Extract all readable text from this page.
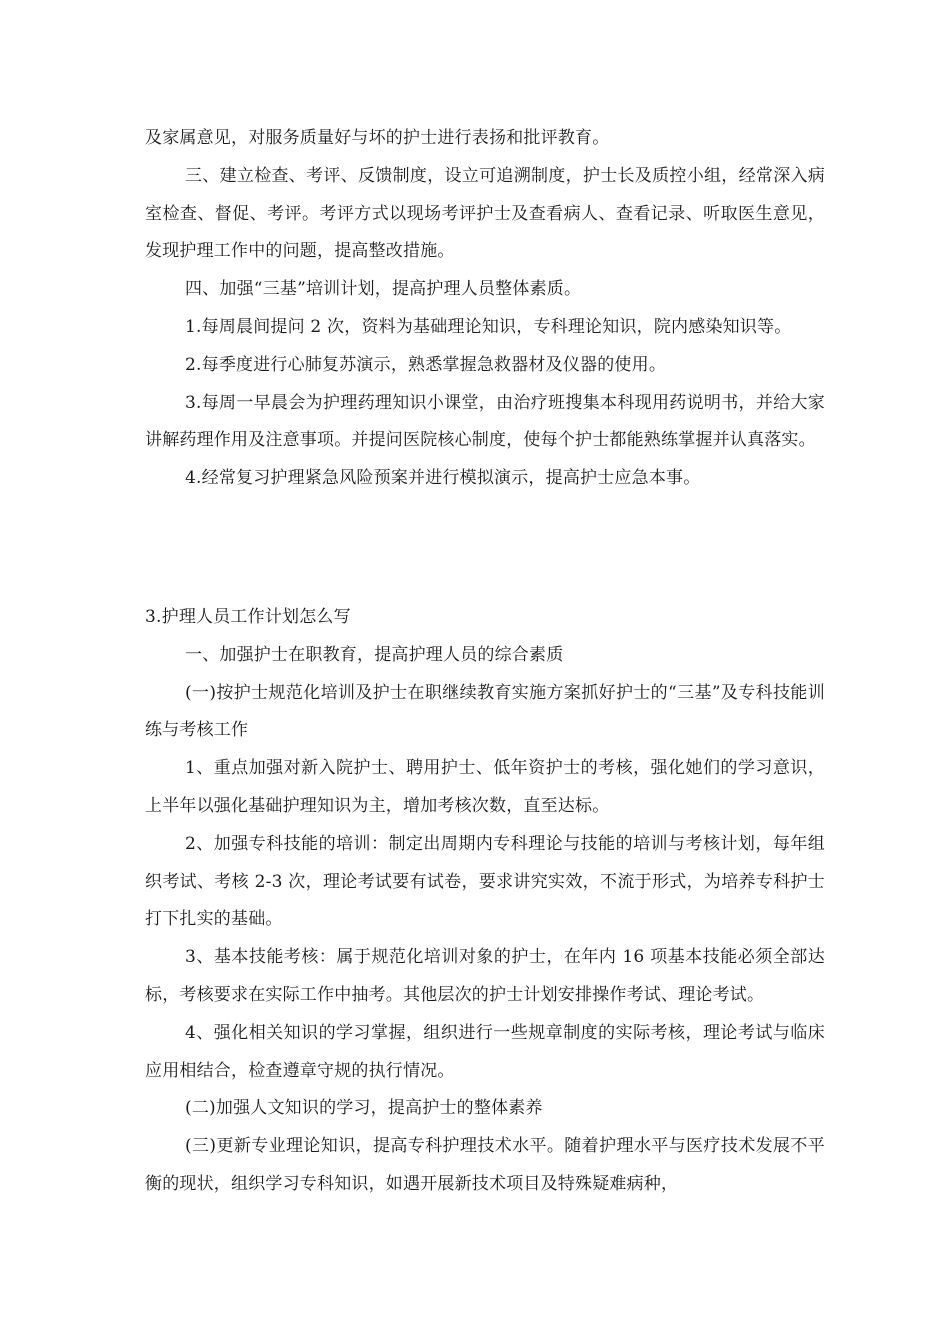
及家属意见，对服务质量好与坏的护士进行表扬和批评教育。

三、建立检查、考评、反馈制度，设立可追溯制度，护士长及质控小组，经常深入病室检查、督促、考评。考评方式以现场考评护士及查看病人、查看记录、听取医生意见，发现护理工作中的问题，提高整改措施。

四、加强“三基”培训计划，提高护理人员整体素质。

1.每周晨间提问 2 次，资料为基础理论知识，专科理论知识，院内感染知识等。

2.每季度进行心肺复苏演示，熟悉掌握急救器材及仪器的使用。

3.每周一早晨会为护理药理知识小课堂，由治疗班搜集本科现用药说明书，并给大家讲解药理作用及注意事项。并提问医院核心制度，使每个护士都能熟练掌握并认真落实。

4.经常复习护理紧急风险预案并进行模拟演示，提高护士应急本事。

3.护理人员工作计划怎么写

一、加强护士在职教育，提高护理人员的综合素质

(一)按护士规范化培训及护士在职继续教育实施方案抓好护士的“三基”及专科技能训练与考核工作

1、重点加强对新入院护士、聘用护士、低年资护士的考核，强化她们的学习意识，上半年以强化基础护理知识为主，增加考核次数，直至达标。

2、加强专科技能的培训：制定出周期内专科理论与技能的培训与考核计划，每年组织考试、考核 2-3 次，理论考试要有试卷，要求讲究实效，不流于形式，为培养专科护士打下扎实的基础。

3、基本技能考核：属于规范化培训对象的护士，在年内 16 项基本技能必须全部达标，考核要求在实际工作中抽考。其他层次的护士计划安排操作考试、理论考试。

4、强化相关知识的学习掌握，组织进行一些规章制度的实际考核，理论考试与临床应用相结合，检查遵章守规的执行情况。

(二)加强人文知识的学习，提高护士的整体素养

(三)更新专业理论知识，提高专科护理技术水平。随着护理水平与医疗技术发展不平衡的现状，组织学习专科知识，如遇开展新技术项目及特殊疑难病种，
